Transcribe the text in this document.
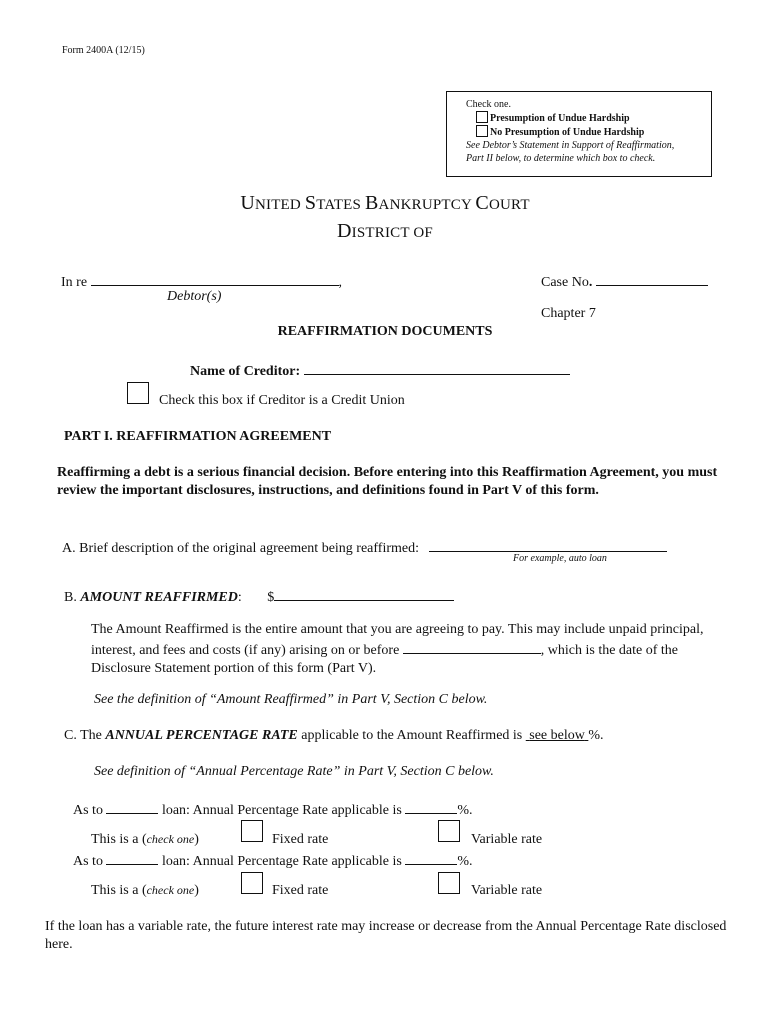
Form 2400A (12/15)
Check one.
Presumption of Undue Hardship
No Presumption of Undue Hardship
See Debtor’s Statement in Support of Reaffirmation,
Part II below, to determine which box to check.
UNITED STATES BANKRUPTCY COURT
DISTRICT OF
In re	,
Debtor(s)
Case No.
Chapter 7
REAFFIRMATION DOCUMENTS
Name of Creditor:
Check this box if Creditor is a Credit Union
PART I. REAFFIRMATION AGREEMENT
Reaffirming a debt is a serious financial decision. Before entering into this Reaffirmation Agreement, you must review the important disclosures, instructions, and definitions found in Part V of this form.
A. Brief description of the original agreement being reaffirmed:
For example, auto loan
B. AMOUNT REAFFIRMED: $
The Amount Reaffirmed is the entire amount that you are agreeing to pay. This may include unpaid principal, interest, and fees and costs (if any) arising on or before	, which is the date of the Disclosure Statement portion of this form (Part V).
See the definition of “Amount Reaffirmed” in Part V, Section C below.
C. The ANNUAL PERCENTAGE RATE applicable to the Amount Reaffirmed is  see below %.
See definition of “Annual Percentage Rate” in Part V, Section C below.
As to	loan: Annual Percentage Rate applicable is	%.
This is a (check one)	Fixed rate	Variable rate
As to	loan: Annual Percentage Rate applicable is	%.
This is a (check one)	Fixed rate	Variable rate
If the loan has a variable rate, the future interest rate may increase or decrease from the Annual Percentage Rate disclosed here.
